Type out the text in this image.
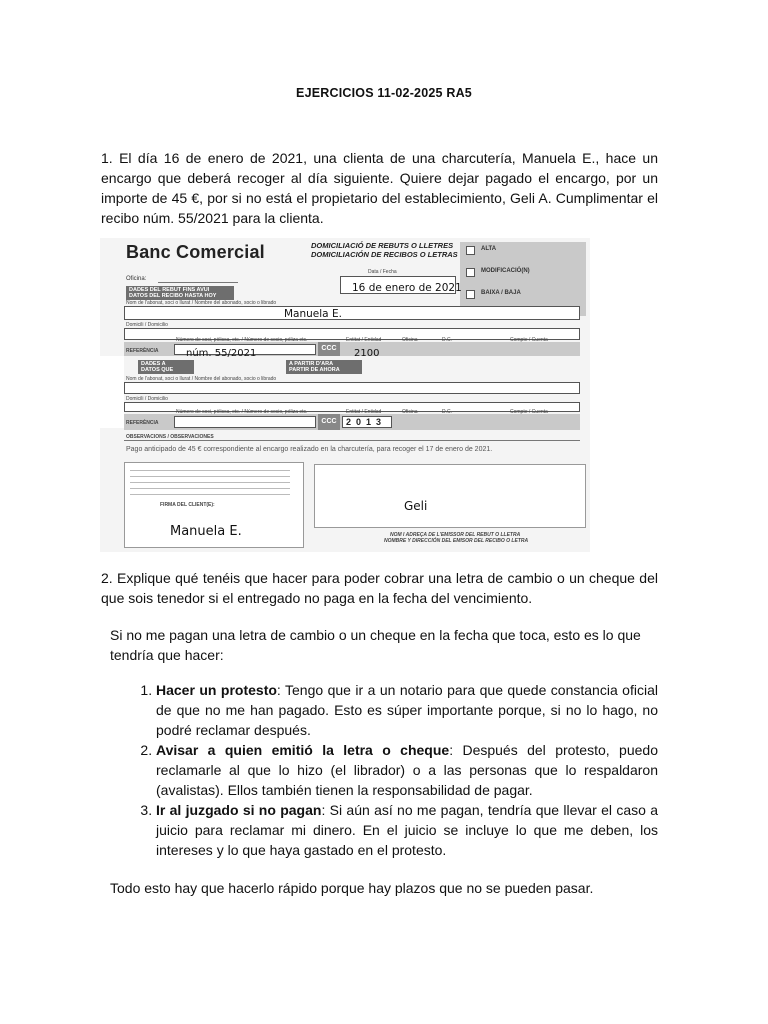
EJERCICIOS 11-02-2025 RA5
1. El día 16 de enero de 2021, una clienta de una charcutería, Manuela E., hace un encargo que deberá recoger al día siguiente. Quiere dejar pagado el encargo, por un importe de 45 €, por si no está el propietario del establecimiento, Geli A. Cumplimentar el recibo núm. 55/2021 para la clienta.
Banc Comercial	DOMICILIACIÓ DE REBUTS O LLETRES
DOMICILIACIÓN DE RECIBOS O LETRAS
ALTA
MODIFICACIÓ(N)
BAIXA / BAJA
Oficina:
Data / Fecha
16 de enero de 2021
DADES DEL REBUT FINS AVUI
DATOS DEL RECIBO HASTA HOY
Nom de l'abonat, soci o llurat / Nombre del abonado, socio o librado
Manuela E.
Domicili / Domicilio
REFERÈNCIA
Número de soci, pòlissa, etc. / Número de socio, póliza etc.
CCC
Entitat / Entidad	Oficina	D.C.	Compte / Cuenta
núm. 55/2021	2100
DADES A
DATOS QUE
A PARTIR D'ARA
PARTIR DE AHORA
Nom de l'abonat, soci o llurat / Nombre del abonado, socio o librado
Domicili / Domicilio
REFERÈNCIA
Número de soci, pòlissa, etc. / Número de socio, póliza etc.
CCC
Entitat / Entidad	Oficina	D.C.	Compte / Cuenta
2013
OBSERVACIONS / OBSERVACIONES
Pago anticipado de 45 € correspondiente al encargo realizado en la charcutería, para recoger el 17 de enero de 2021.
FIRMA DEL CLIENT(E):
Manuela E.
Geli
NOM I ADREÇA DE L'EMISSOR DEL REBUT O LLETRA
NOMBRE Y DIRECCIÓN DEL EMISOR DEL RECIBO O LETRA
2. Explique qué tenéis que hacer para poder cobrar una letra de cambio o un cheque del que sois tenedor si el entregado no paga en la fecha del vencimiento.
Si no me pagan una letra de cambio o un cheque en la fecha que toca, esto es lo que tendría que hacer:
1. Hacer un protesto: Tengo que ir a un notario para que quede constancia oficial de que no me han pagado. Esto es súper importante porque, si no lo hago, no podré reclamar después.
2. Avisar a quien emitió la letra o cheque: Después del protesto, puedo reclamarle al que lo hizo (el librador) o a las personas que lo respaldaron (avalistas). Ellos también tienen la responsabilidad de pagar.
3. Ir al juzgado si no pagan: Si aún así no me pagan, tendría que llevar el caso a juicio para reclamar mi dinero. En el juicio se incluye lo que me deben, los intereses y lo que haya gastado en el protesto.
Todo esto hay que hacerlo rápido porque hay plazos que no se pueden pasar.
